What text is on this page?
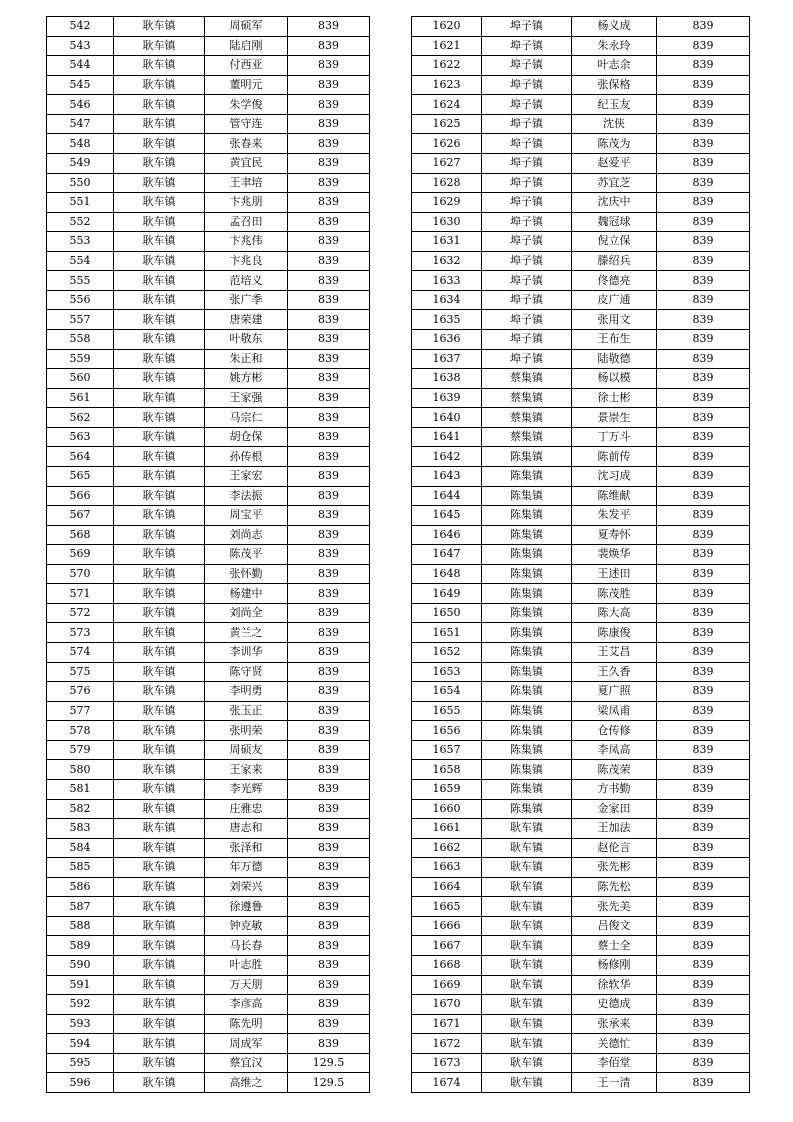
542	耿车镇	周硕军	839
543	耿车镇	陆启刚	839
544	耿车镇	付西亚	839
545	耿车镇	董明元	839
546	耿车镇	朱学俊	839
547	耿车镇	管守连	839
548	耿车镇	张春来	839
549	耿车镇	黄宜民	839
550	耿车镇	王聿培	839
551	耿车镇	卞兆朋	839
552	耿车镇	孟召田	839
553	耿车镇	卞兆伟	839
554	耿车镇	卞兆良	839
555	耿车镇	范培义	839
556	耿车镇	张广季	839
557	耿车镇	唐荣建	839
558	耿车镇	叶敬东	839
559	耿车镇	朱正和	839
560	耿车镇	姚方彬	839
561	耿车镇	王家强	839
562	耿车镇	马宗仁	839
563	耿车镇	胡仓保	839
564	耿车镇	孙传根	839
565	耿车镇	王家宏	839
566	耿车镇	李法振	839
567	耿车镇	周宝平	839
568	耿车镇	刘尚志	839
569	耿车镇	陈茂平	839
570	耿车镇	张怀勤	839
571	耿车镇	杨建中	839
572	耿车镇	刘尚全	839
573	耿车镇	黄兰之	839
574	耿车镇	李训华	839
575	耿车镇	陈守贤	839
576	耿车镇	李明勇	839
577	耿车镇	张玉正	839
578	耿车镇	张明荣	839
579	耿车镇	周硕友	839
580	耿车镇	王家来	839
581	耿车镇	李光辉	839
582	耿车镇	庄雅忠	839
583	耿车镇	唐志和	839
584	耿车镇	张泽和	839
585	耿车镇	年万德	839
586	耿车镇	刘荣兴	839
587	耿车镇	徐遵鲁	839
588	耿车镇	钟克敏	839
589	耿车镇	马长春	839
590	耿车镇	叶志胜	839
591	耿车镇	万天朋	839
592	耿车镇	李彦高	839
593	耿车镇	陈先明	839
594	耿车镇	周成军	839
595	耿车镇	蔡宜汉	129.5
596	耿车镇	高维之	129.5
1620	埠子镇	杨义成	839
1621	埠子镇	朱永玲	839
1622	埠子镇	叶志余	839
1623	埠子镇	张保格	839
1624	埠子镇	纪玉友	839
1625	埠子镇	沈侠	839
1626	埠子镇	陈茂为	839
1627	埠子镇	赵爱平	839
1628	埠子镇	苏宜芝	839
1629	埠子镇	沈庆中	839
1630	埠子镇	魏冠球	839
1631	埠子镇	倪立保	839
1632	埠子镇	滕绍兵	839
1633	埠子镇	佟德亮	839
1634	埠子镇	皮广通	839
1635	埠子镇	张用文	839
1636	埠子镇	王布生	839
1637	埠子镇	陆敬德	839
1638	蔡集镇	杨以模	839
1639	蔡集镇	徐士彬	839
1640	蔡集镇	景崇生	839
1641	蔡集镇	丁万斗	839
1642	陈集镇	陈前传	839
1643	陈集镇	沈习成	839
1644	陈集镇	陈维献	839
1645	陈集镇	朱发平	839
1646	陈集镇	夏寿怀	839
1647	陈集镇	裴焕华	839
1648	陈集镇	王述田	839
1649	陈集镇	陈茂胜	839
1650	陈集镇	陈大高	839
1651	陈集镇	陈康俊	839
1652	陈集镇	王艾昌	839
1653	陈集镇	王久香	839
1654	陈集镇	夏广照	839
1655	陈集镇	梁凤甫	839
1656	陈集镇	仓传修	839
1657	陈集镇	李凤高	839
1658	陈集镇	陈茂荣	839
1659	陈集镇	方书勤	839
1660	陈集镇	金家田	839
1661	耿车镇	王加法	839
1662	耿车镇	赵伦言	839
1663	耿车镇	张先彬	839
1664	耿车镇	陈先松	839
1665	耿车镇	张先美	839
1666	耿车镇	吕俊文	839
1667	耿车镇	蔡士全	839
1668	耿车镇	杨修刚	839
1669	耿车镇	徐软华	839
1670	耿车镇	史德成	839
1671	耿车镇	张承来	839
1672	耿车镇	关德忙	839
1673	耿车镇	李佰堂	839
1674	耿车镇	王一清	839
